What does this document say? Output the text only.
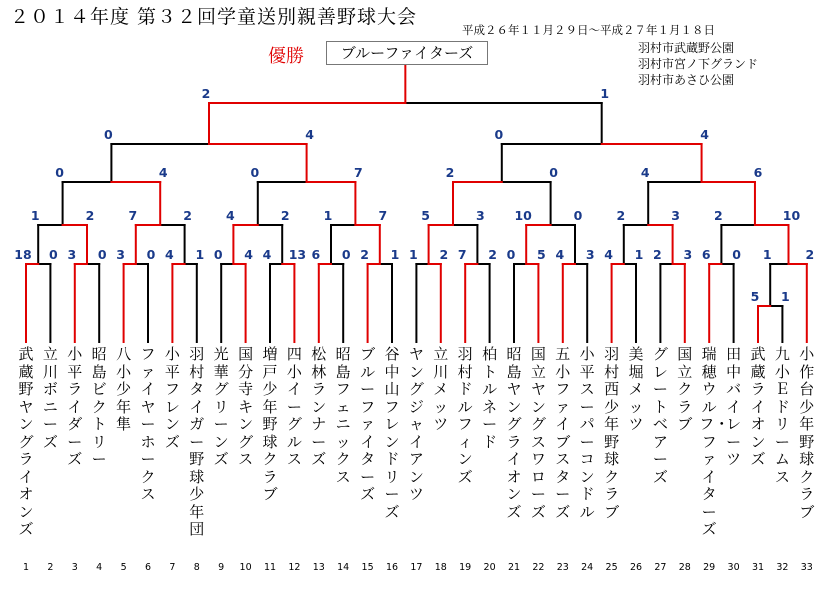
２０１４年度 第３２回学童送別親善野球大会
平成２６年１１月２９日～平成２７年１月１８日
優勝	ブルーファイターズ	羽村市武蔵野公園
羽村市宮ノ下グランド
羽村市あさひ公園
18 0 3 0 3 0 4 1 0 4 4 13 6 0 2 1 1 2 7 2 0 5 4 3 4 1 2 3 6 0
5 1
1	2
1	2	7	2	4	2	1	7	5	3 10	0	2	3	2	10
0	4	0	7	2	0	4	6
0	4	0	4
2	1
武蔵野ヤングライオンズ
1
立川ボニーズ
2
小平ライダーズ
3
昭島ビクトリー
4
八小少年隼
5
ファイヤーホークス
6
小平フレンズ
7
羽村タイガー野球少年団
8
光華グリーンズ
9
国分寺キングス
10
増戸少年野球クラブ
11
四小イーグルス
12
松林ランナーズ
13
昭島フェニックス
14
ブルーファイターズ
15
谷中山フレンドリーズ
16
ヤングジャイアンツ
17
立川メッツ
18
羽村ドルフィンズ
19
柏トルネード
20
昭島ヤングライオンズ
21
国立ヤングスワローズ
22
五小ファイブスターズ
23
小平スーパーコンドル
24
羽村西少年野球クラブ
25
美堀メッツ
26
グレートベアーズ
27
国立クラブ
28
瑞穂ウルフ・ファイターズ
29
田中バイレーツ
30
武蔵ライオンズ
31
九小Ｅドリームス
32
小作台少年野球クラブ
33
